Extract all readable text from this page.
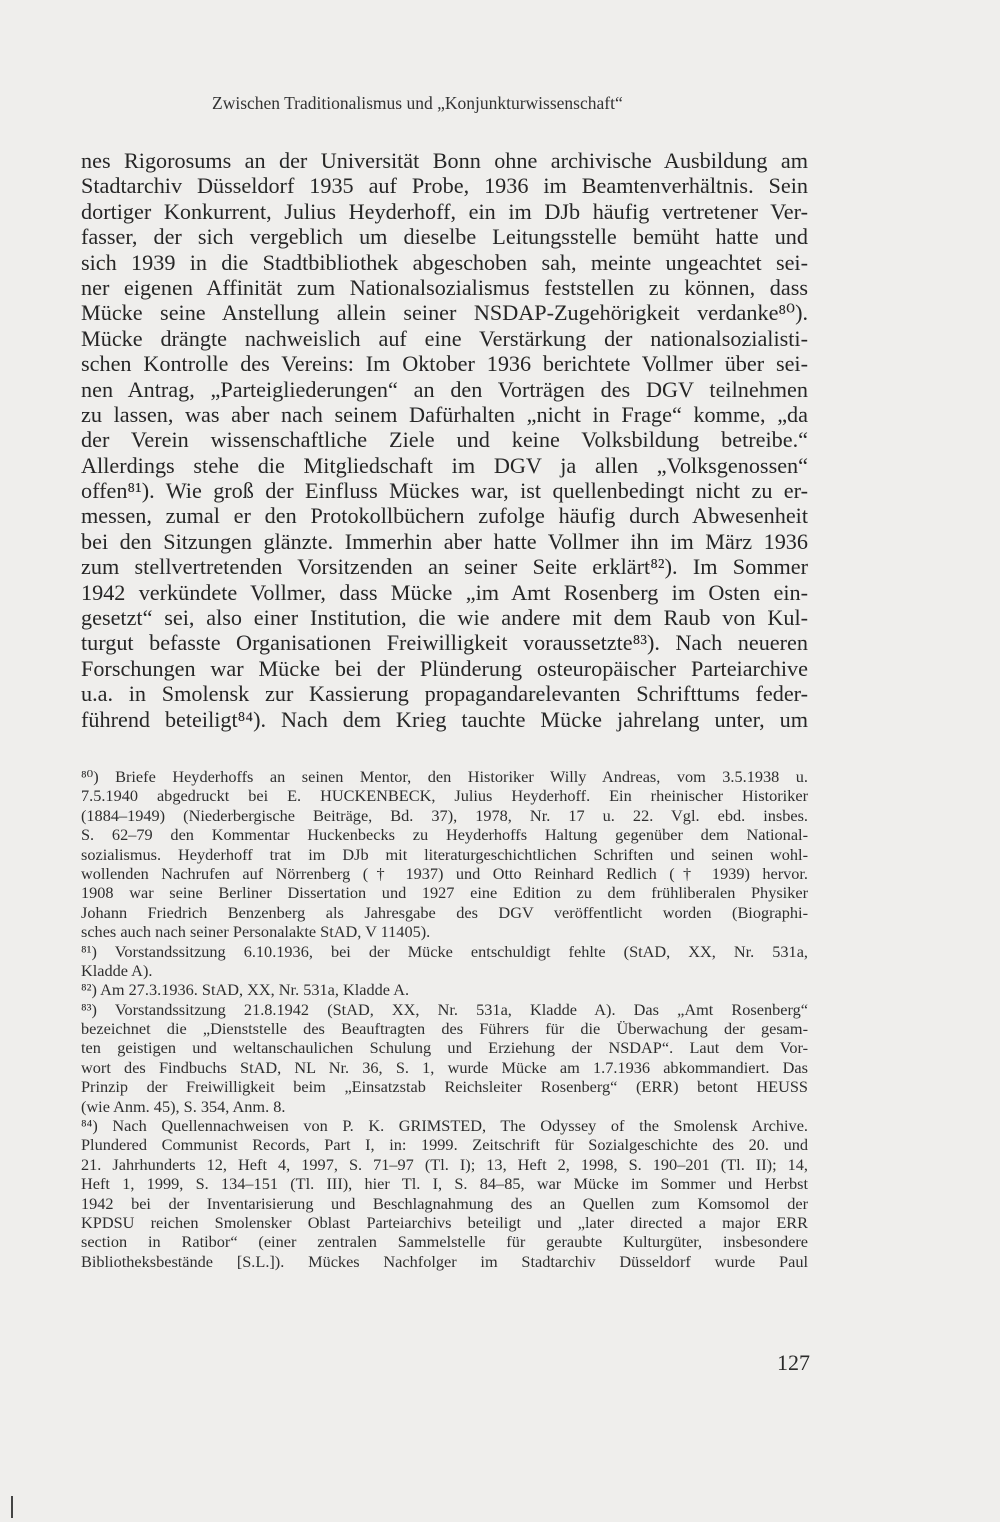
Zwischen Traditionalismus und „Konjunkturwissenschaft“
nes Rigorosums an der Universität Bonn ohne archivische Ausbildung am
Stadtarchiv Düsseldorf 1935 auf Probe, 1936 im Beamtenverhältnis. Sein
dortiger Konkurrent, Julius Heyderhoff, ein im DJb häufig vertretener Ver-
fasser, der sich vergeblich um dieselbe Leitungsstelle bemüht hatte und
sich 1939 in die Stadtbibliothek abgeschoben sah, meinte ungeachtet sei-
ner eigenen Affinität zum Nationalsozialismus feststellen zu können, dass
Mücke seine Anstellung allein seiner NSDAP-Zugehörigkeit verdanke⁸⁰).
Mücke drängte nachweislich auf eine Verstärkung der nationalsozialisti-
schen Kontrolle des Vereins: Im Oktober 1936 berichtete Vollmer über sei-
nen Antrag, „Parteigliederungen“ an den Vorträgen des DGV teilnehmen
zu lassen, was aber nach seinem Dafürhalten „nicht in Frage“ komme, „da
der Verein wissenschaftliche Ziele und keine Volksbildung betreibe.“
Allerdings stehe die Mitgliedschaft im DGV ja allen „Volksgenossen“
offen⁸¹). Wie groß der Einfluss Mückes war, ist quellenbedingt nicht zu er-
messen, zumal er den Protokollbüchern zufolge häufig durch Abwesenheit
bei den Sitzungen glänzte. Immerhin aber hatte Vollmer ihn im März 1936
zum stellvertretenden Vorsitzenden an seiner Seite erklärt⁸²). Im Sommer
1942 verkündete Vollmer, dass Mücke „im Amt Rosenberg im Osten ein-
gesetzt“ sei, also einer Institution, die wie andere mit dem Raub von Kul-
turgut befasste Organisationen Freiwilligkeit voraussetzte⁸³). Nach neueren
Forschungen war Mücke bei der Plünderung osteuropäischer Parteiarchive
u.a. in Smolensk zur Kassierung propagandarelevanten Schrifttums feder-
führend beteiligt⁸⁴). Nach dem Krieg tauchte Mücke jahrelang unter, um
⁸⁰) Briefe Heyderhoffs an seinen Mentor, den Historiker Willy Andreas, vom 3.5.1938 u.
7.5.1940 abgedruckt bei E. HUCKENBECK, Julius Heyderhoff. Ein rheinischer Historiker
(1884–1949) (Niederbergische Beiträge, Bd. 37), 1978, Nr. 17 u. 22. Vgl. ebd. insbes.
S. 62–79 den Kommentar Huckenbecks zu Heyderhoffs Haltung gegenüber dem National-
sozialismus. Heyderhoff trat im DJb mit literaturgeschichtlichen Schriften und seinen wohl-
wollenden Nachrufen auf Nörrenberg († 1937) und Otto Reinhard Redlich († 1939) hervor.
1908 war seine Berliner Dissertation und 1927 eine Edition zu dem frühliberalen Physiker
Johann Friedrich Benzenberg als Jahresgabe des DGV veröffentlicht worden (Biographi-
sches auch nach seiner Personalakte StAD, V 11405).
⁸¹) Vorstandssitzung 6.10.1936, bei der Mücke entschuldigt fehlte (StAD, XX, Nr. 531a,
Kladde A).
⁸²) Am 27.3.1936. StAD, XX, Nr. 531a, Kladde A.
⁸³) Vorstandssitzung 21.8.1942 (StAD, XX, Nr. 531a, Kladde A). Das „Amt Rosenberg“
bezeichnet die „Dienststelle des Beauftragten des Führers für die Überwachung der gesam-
ten geistigen und weltanschaulichen Schulung und Erziehung der NSDAP“. Laut dem Vor-
wort des Findbuchs StAD, NL Nr. 36, S. 1, wurde Mücke am 1.7.1936 abkommandiert. Das
Prinzip der Freiwilligkeit beim „Einsatzstab Reichsleiter Rosenberg“ (ERR) betont HEUSS
(wie Anm. 45), S. 354, Anm. 8.
⁸⁴) Nach Quellennachweisen von P. K. GRIMSTED, The Odyssey of the Smolensk Archive.
Plundered Communist Records, Part I, in: 1999. Zeitschrift für Sozialgeschichte des 20. und
21. Jahrhunderts 12, Heft 4, 1997, S. 71–97 (Tl. I); 13, Heft 2, 1998, S. 190–201 (Tl. II); 14,
Heft 1, 1999, S. 134–151 (Tl. III), hier Tl. I, S. 84–85, war Mücke im Sommer und Herbst
1942 bei der Inventarisierung und Beschlagnahmung des an Quellen zum Komsomol der
KPDSU reichen Smolensker Oblast Parteiarchivs beteiligt und „later directed a major ERR
section in Ratibor“ (einer zentralen Sammelstelle für geraubte Kulturgüter, insbesondere
Bibliotheksbestände [S.L.]). Mückes Nachfolger im Stadtarchiv Düsseldorf wurde Paul
127
